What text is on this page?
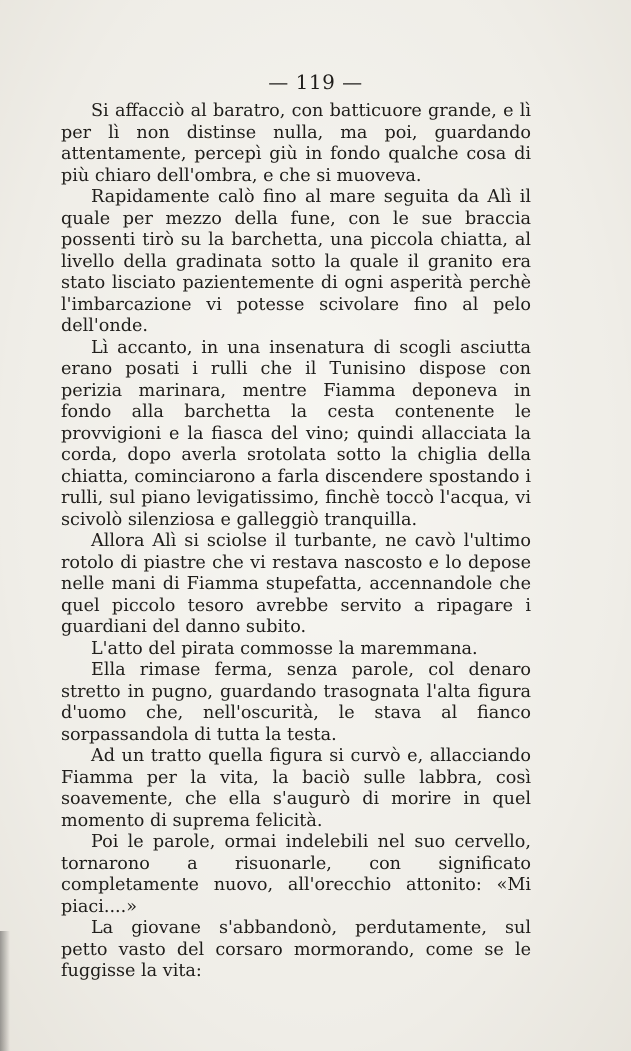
— 119 —

Si affacciò al baratro, con batticuore grande, e lì per lì non distinse nulla, ma poi, guardando attentamente, percepì giù in fondo qualche cosa di più chiaro dell'ombra, e che si muoveva.

Rapidamente calò fino al mare seguita da Alì il quale per mezzo della fune, con le sue braccia possenti tirò su la barchetta, una piccola chiatta, al livello della gradinata sotto la quale il granito era stato lisciato pazientemente di ogni asperità perchè l'imbarcazione vi potesse scivolare fino al pelo dell'onde.

Lì accanto, in una insenatura di scogli asciutta erano posati i rulli che il Tunisino dispose con perizia marinara, mentre Fiamma deponeva in fondo alla barchetta la cesta contenente le provvigioni e la fiasca del vino; quindi allacciata la corda, dopo averla srotolata sotto la chiglia della chiatta, cominciarono a farla discendere spostando i rulli, sul piano levigatissimo, finchè toccò l'acqua, vi scivolò silenziosa e galleggiò tranquilla.

Allora Alì si sciolse il turbante, ne cavò l'ultimo rotolo di piastre che vi restava nascosto e lo depose nelle mani di Fiamma stupefatta, accennandole che quel piccolo tesoro avrebbe servito a ripagare i guardiani del danno subito.

L'atto del pirata commosse la maremmana.

Ella rimase ferma, senza parole, col denaro stretto in pugno, guardando trasognata l'alta figura d'uomo che, nell'oscurità, le stava al fianco sorpassandola di tutta la testa.

Ad un tratto quella figura si curvò e, allacciando Fiamma per la vita, la baciò sulle labbra, così soavemente, che ella s'augurò di morire in quel momento di suprema felicità.

Poi le parole, ormai indelebili nel suo cervello, tornarono a risuonarle, con significato completamente nuovo, all'orecchio attonito: «Mi piaci....»

La giovane s'abbandonò, perdutamente, sul petto vasto del corsaro mormorando, come se le fuggisse la vita:
